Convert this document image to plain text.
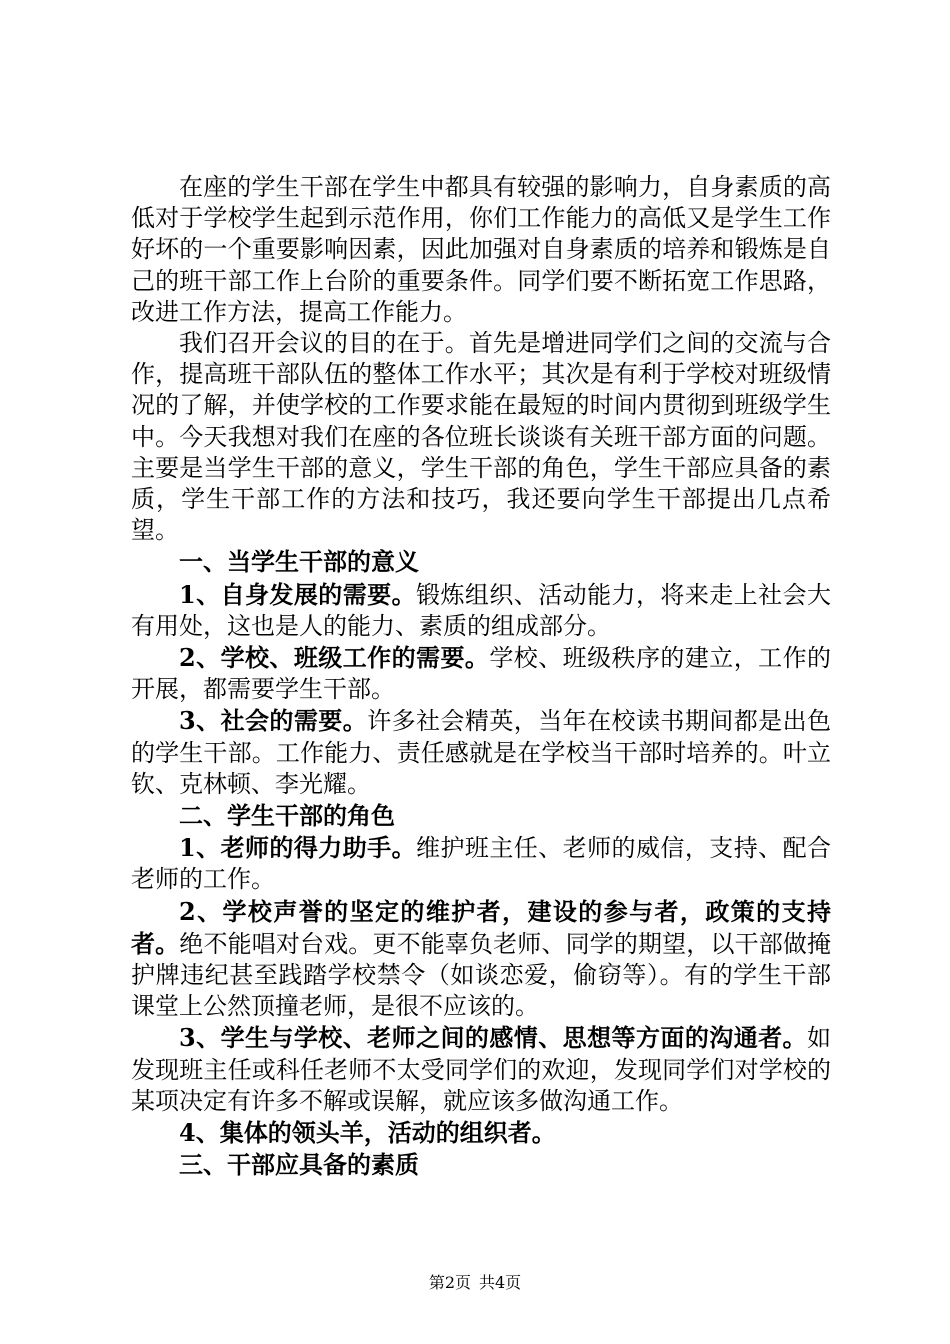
在座的学生干部在学生中都具有较强的影响力，自身素质的高低对于学校学生起到示范作用，你们工作能力的高低又是学生工作好坏的一个重要影响因素，因此加强对自身素质的培养和锻炼是自己的班干部工作上台阶的重要条件。同学们要不断拓宽工作思路，改进工作方法，提高工作能力。

我们召开会议的目的在于。首先是增进同学们之间的交流与合作，提高班干部队伍的整体工作水平；其次是有利于学校对班级情况的了解，并使学校的工作要求能在最短的时间内贯彻到班级学生中。今天我想对我们在座的各位班长谈谈有关班干部方面的问题。主要是当学生干部的意义，学生干部的角色，学生干部应具备的素质，学生干部工作的方法和技巧，我还要向学生干部提出几点希望。

一、当学生干部的意义

1、自身发展的需要。锻炼组织、活动能力，将来走上社会大有用处，这也是人的能力、素质的组成部分。

2、学校、班级工作的需要。学校、班级秩序的建立，工作的开展，都需要学生干部。

3、社会的需要。许多社会精英，当年在校读书期间都是出色的学生干部。工作能力、责任感就是在学校当干部时培养的。叶立钦、克林顿、李光耀。

二、学生干部的角色

1、老师的得力助手。维护班主任、老师的威信，支持、配合老师的工作。

2、学校声誉的坚定的维护者，建设的参与者，政策的支持者。绝不能唱对台戏。更不能辜负老师、同学的期望，以干部做掩护牌违纪甚至践踏学校禁令（如谈恋爱，偷窃等）。有的学生干部课堂上公然顶撞老师，是很不应该的。

3、学生与学校、老师之间的感情、思想等方面的沟通者。如发现班主任或科任老师不太受同学们的欢迎，发现同学们对学校的某项决定有许多不解或误解，就应该多做沟通工作。

4、集体的领头羊，活动的组织者。

三、干部应具备的素质

第2页 共4页
